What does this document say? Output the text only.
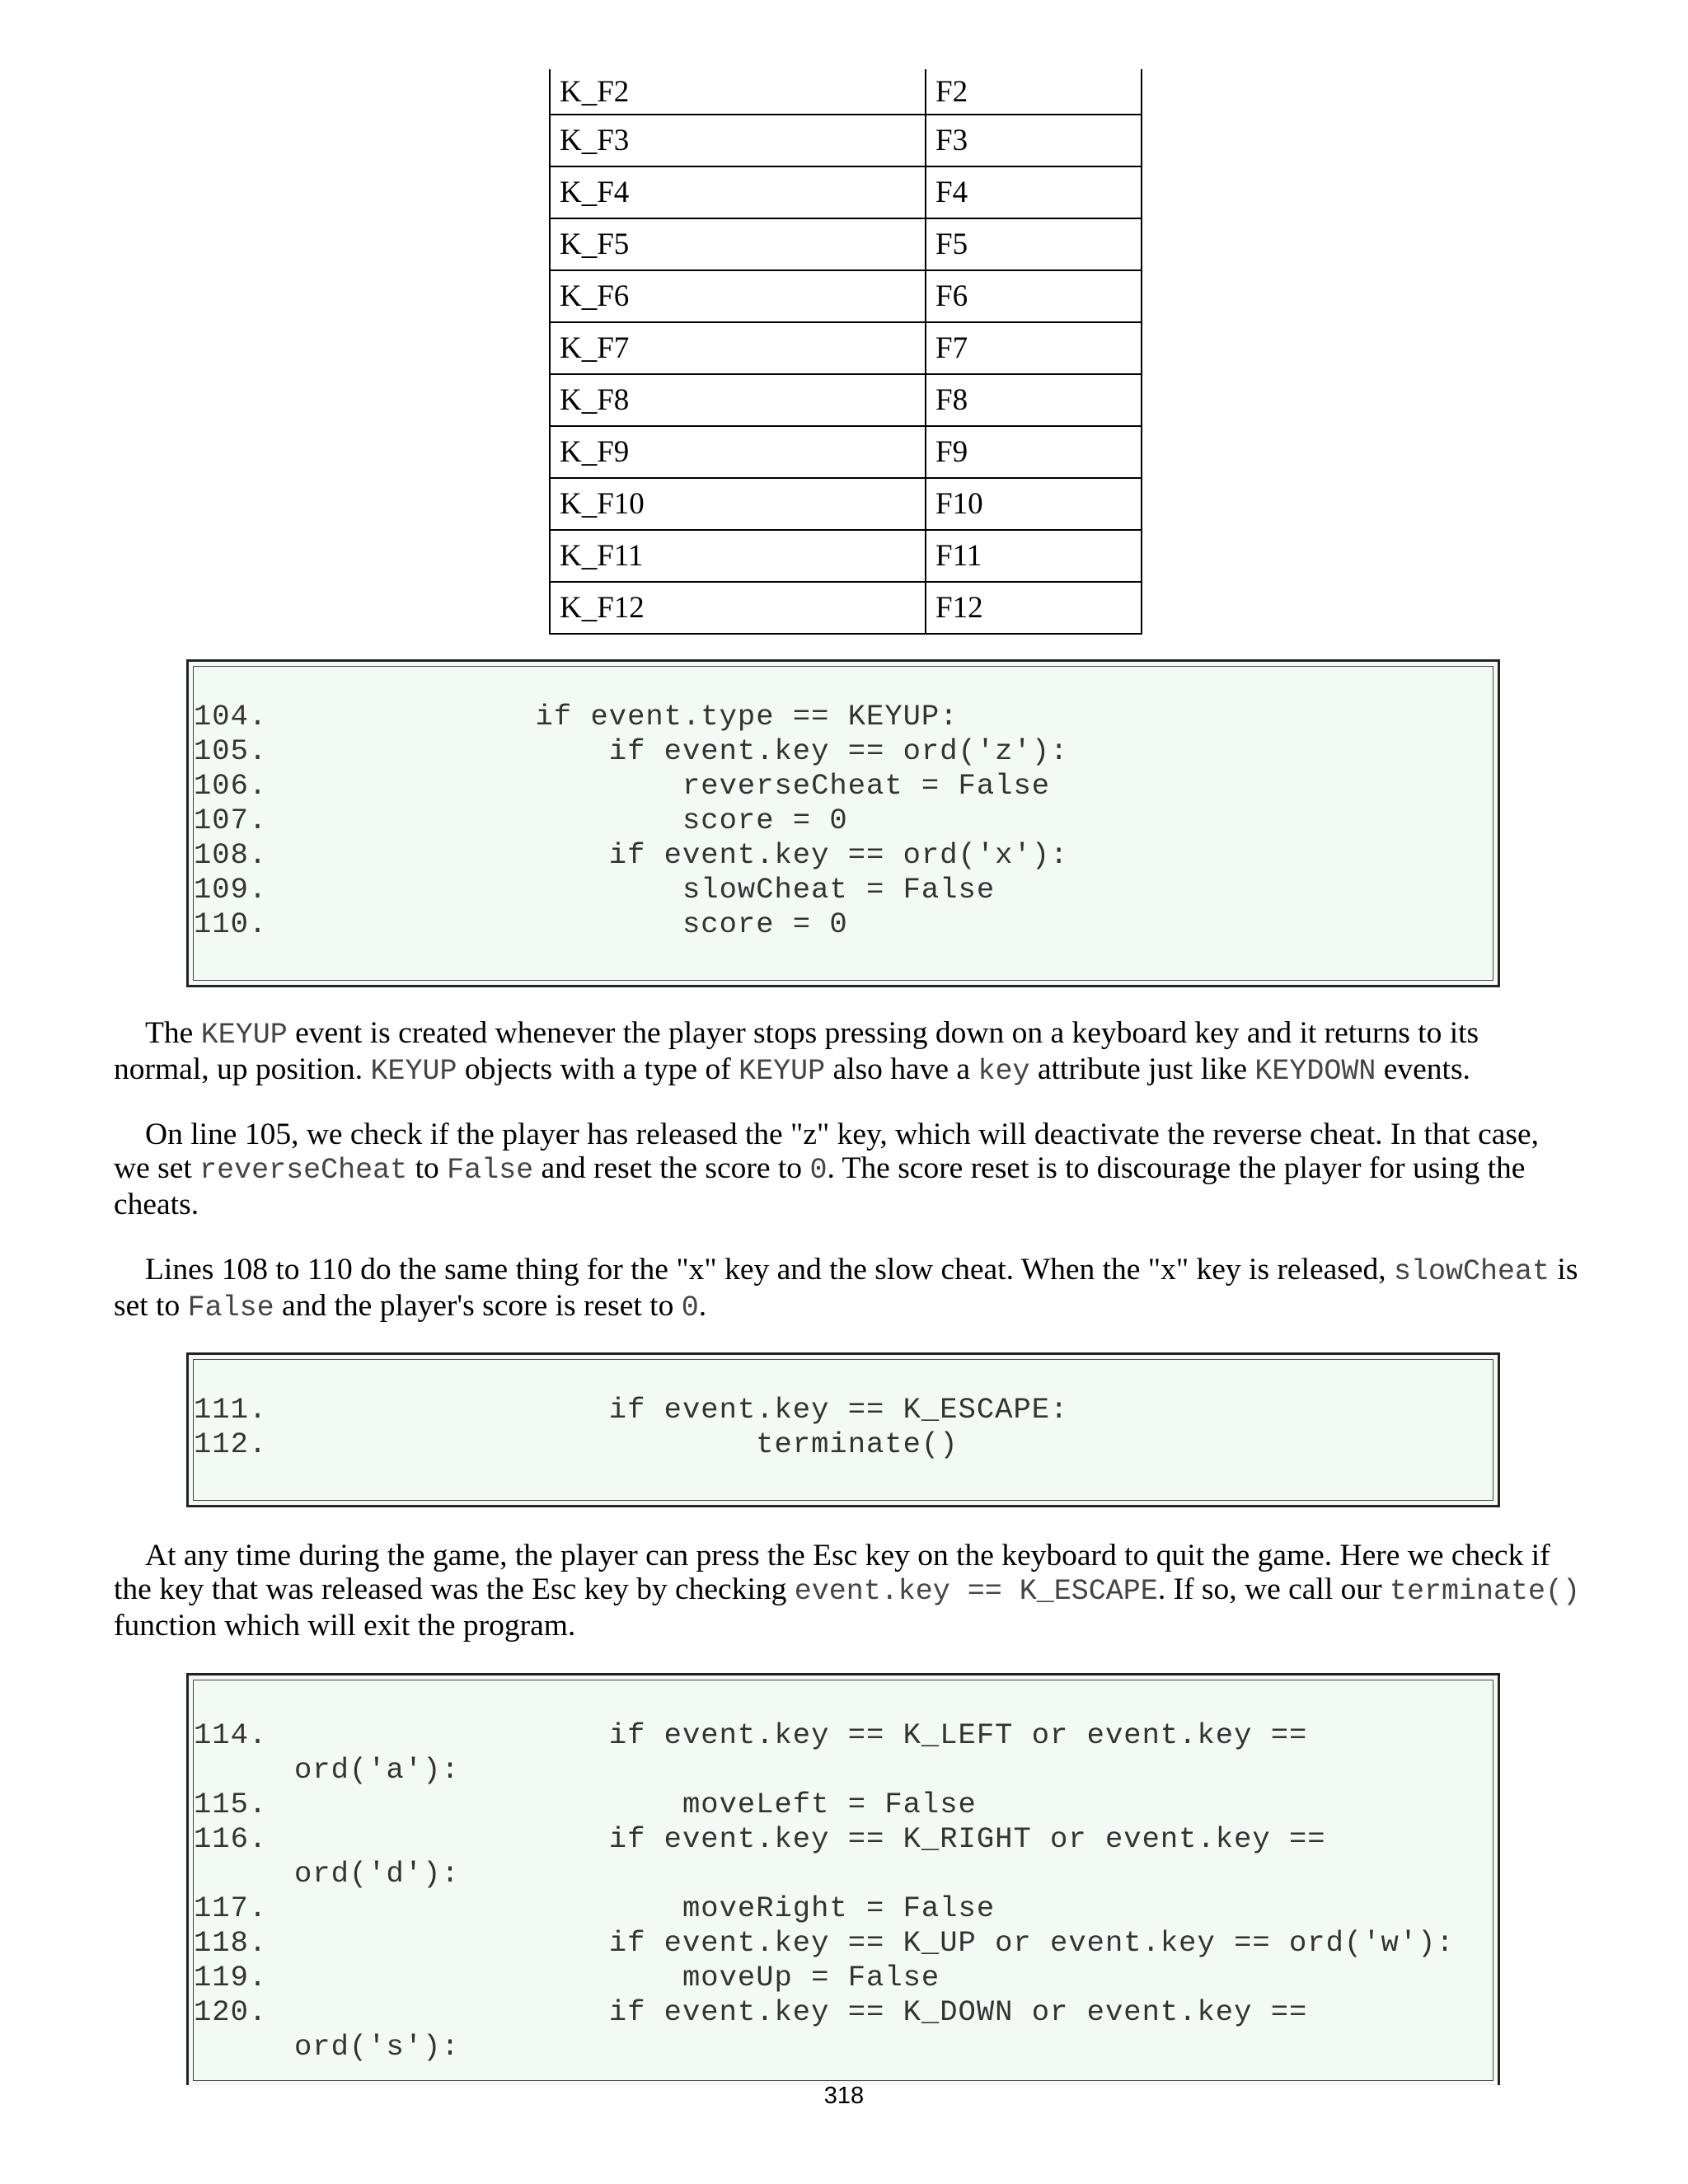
K_F2	F2
K_F3	F3
K_F4	F4
K_F5	F5
K_F6	F6
K_F7	F7
K_F8	F8
K_F9	F9
K_F10	F10
K_F11	F11
K_F12	F12
104.
if event.type == KEYUP:
105.
if event.key == ord('z'):
106.
reverseCheat = False
107.
score = 0
108.
if event.key == ord('x'):
109.
slowCheat = False
110.
score = 0

The KEYUP event is created whenever the player stops pressing down on a keyboard key and it returns to its normal, up position. KEYUP objects with a type of KEYUP also have a key attribute just like KEYDOWN events.

On line 105, we check if the player has released the "z" key, which will deactivate the reverse cheat. In that case, we set reverseCheat to False and reset the score to 0. The score reset is to discourage the player for using the cheats.

Lines 108 to 110 do the same thing for the "x" key and the slow cheat. When the "x" key is released, slowCheat is set to False and the player's score is reset to 0.

111.
if event.key == K_ESCAPE:
112.
terminate()

At any time during the game, the player can press the Esc key on the keyboard to quit the game. Here we check if the key that was released was the Esc key by checking event.key == K_ESCAPE. If so, we call our terminate() function which will exit the program.

114.
if event.key == K_LEFT or event.key ==
ord('a'):
115.
moveLeft = False
116.
if event.key == K_RIGHT or event.key ==
ord('d'):
117.
moveRight = False
118.
if event.key == K_UP or event.key == ord('w'):
119.
moveUp = False
120.
if event.key == K_DOWN or event.key ==
ord('s'):
318
